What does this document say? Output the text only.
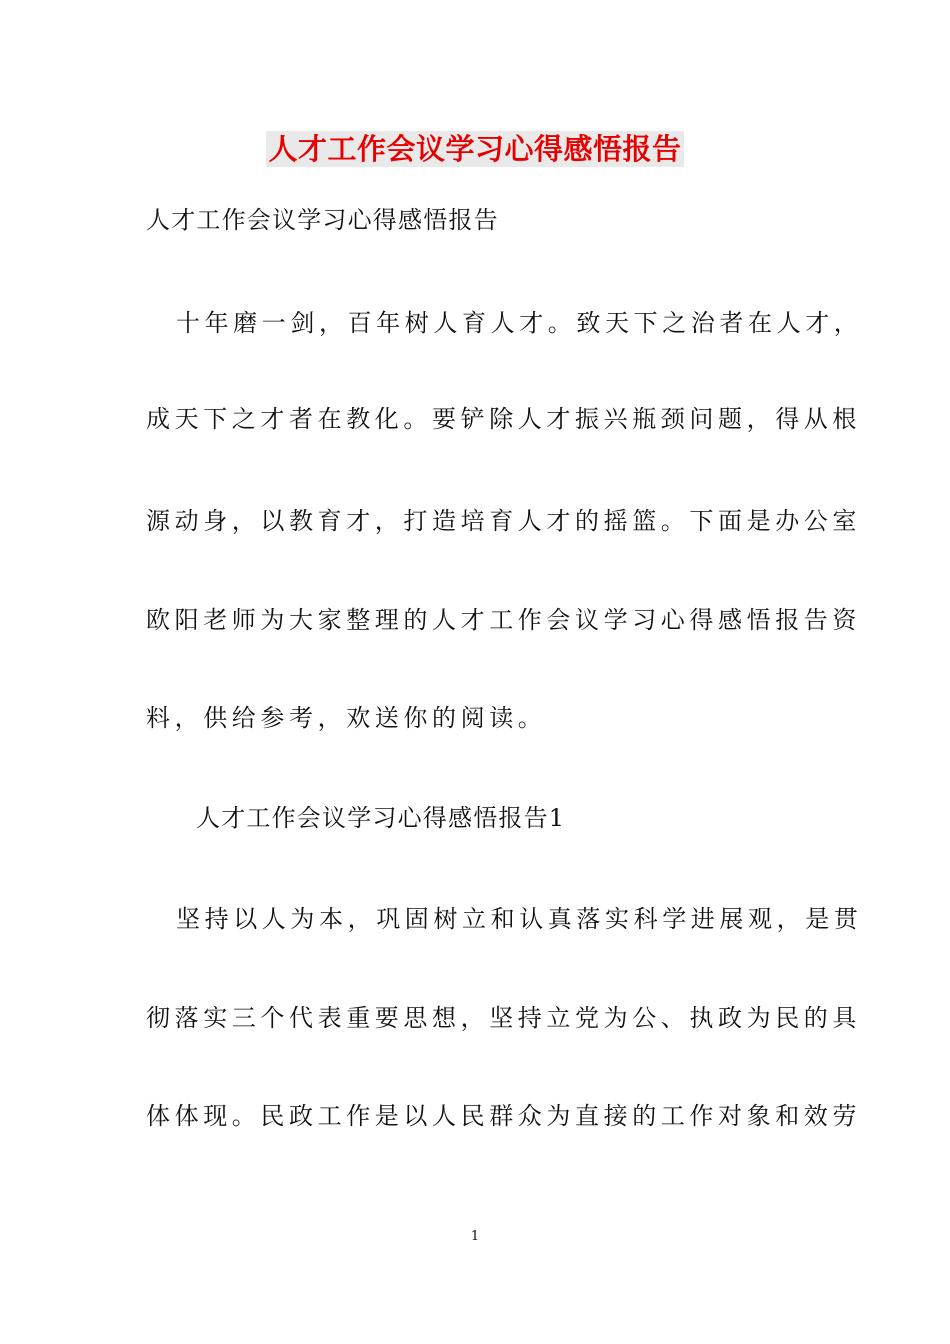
人才工作会议学习心得感悟报告
人才工作会议学习心得感悟报告
十年磨一剑，百年树人育人才。致天下之治者在人才，
成天下之才者在教化。要铲除人才振兴瓶颈问题，得从根
源动身，以教育才，打造培育人才的摇篮。下面是办公室
欧阳老师为大家整理的人才工作会议学习心得感悟报告资
料，供给参考，欢送你的阅读。
人才工作会议学习心得感悟报告1
坚持以人为本，巩固树立和认真落实科学进展观，是贯
彻落实三个代表重要思想，坚持立党为公、执政为民的具
体体现。民政工作是以人民群众为直接的工作对象和效劳
1
